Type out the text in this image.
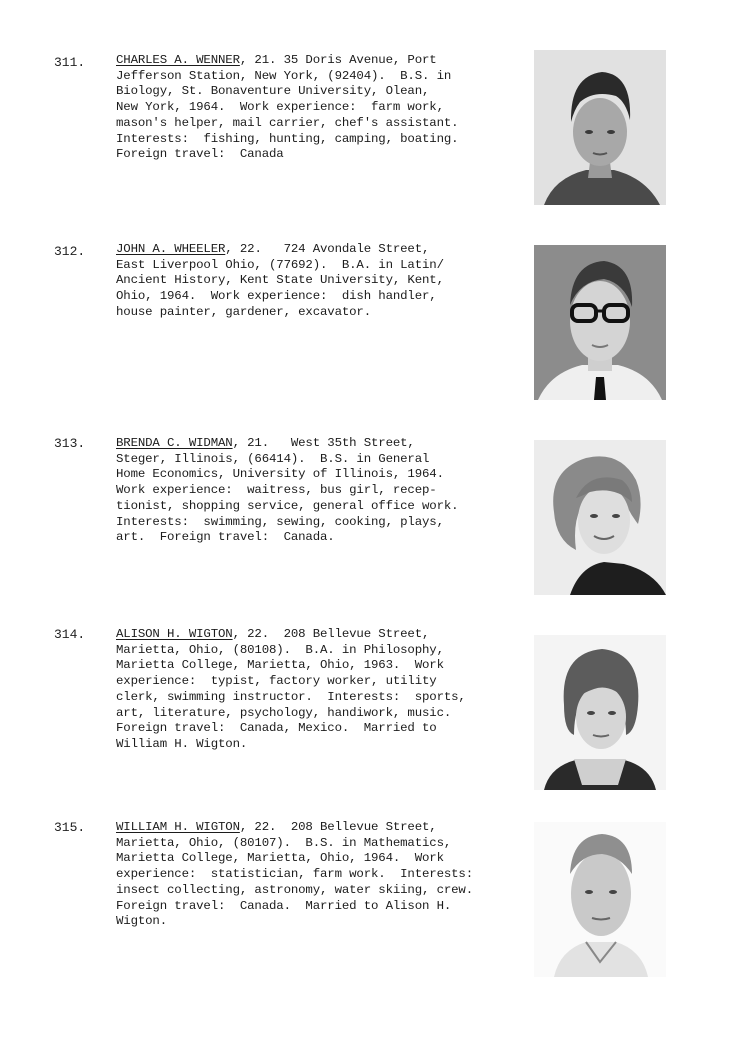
311. CHARLES A. WENNER, 21. 35 Doris Avenue, Port
Jefferson Station, New York, (92404).  B.S. in
Biology, St. Bonaventure University, Olean,
New York, 1964.  Work experience:  farm work,
mason's helper, mail carrier, chef's assistant.
Interests:  fishing, hunting, camping, boating.
Foreign travel:  Canada
312. JOHN A. WHEELER, 22.   724 Avondale Street,
East Liverpool Ohio, (77692).  B.A. in Latin/
Ancient History, Kent State University, Kent,
Ohio, 1964.  Work experience:  dish handler,
house painter, gardener, excavator.
313. BRENDA C. WIDMAN, 21.   West 35th Street,
Steger, Illinois, (66414).  B.S. in General
Home Economics, University of Illinois, 1964.
Work experience:  waitress, bus girl, recep-
tionist, shopping service, general office work.
Interests:  swimming, sewing, cooking, plays,
art.  Foreign travel:  Canada.
314. ALISON H. WIGTON, 22.  208 Bellevue Street,
Marietta, Ohio, (80108).  B.A. in Philosophy,
Marietta College, Marietta, Ohio, 1963.  Work
experience:  typist, factory worker, utility
clerk, swimming instructor.  Interests:  sports,
art, literature, psychology, handiwork, music.
Foreign travel:  Canada, Mexico.  Married to
William H. Wigton.
315. WILLIAM H. WIGTON, 22.  208 Bellevue Street,
Marietta, Ohio, (80107).  B.S. in Mathematics,
Marietta College, Marietta, Ohio, 1964.  Work
experience:  statistician, farm work.  Interests:
insect collecting, astronomy, water skiing, crew.
Foreign travel:  Canada.  Married to Alison H.
Wigton.
